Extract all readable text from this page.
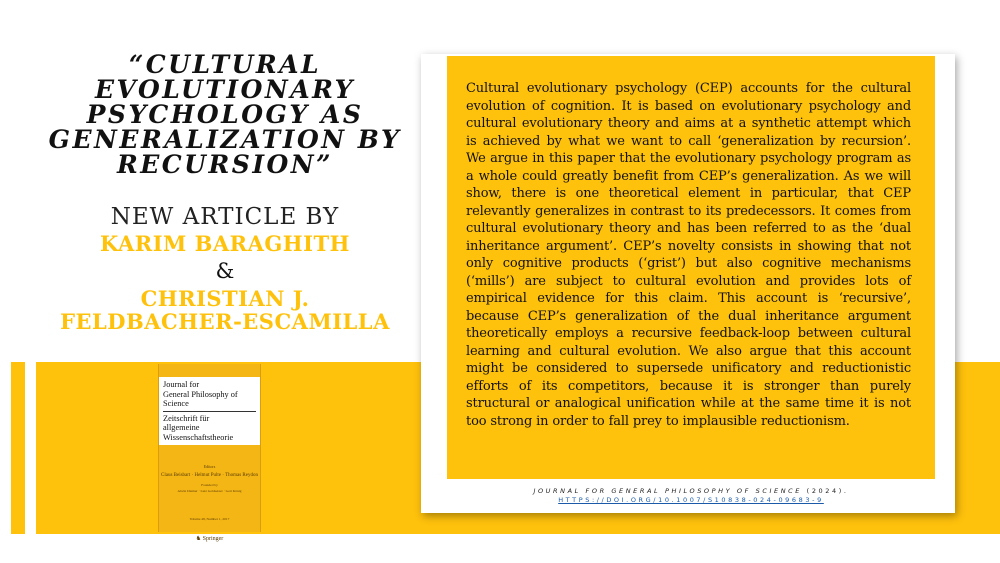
“CULTURAL
EVOLUTIONARY
PSYCHOLOGY AS
GENERALIZATION BY
RECURSION”
NEW ARTICLE BY
KARIM BARAGHITH
&
CHRISTIAN J.
FELDBACHER-ESCAMILLA
Journal for
General Philosophy of Science
Zeitschrift für
allgemeine Wissenschaftstheorie
Editors
Claus Beisbart · Helmut Pulte · Thomas Reydon
Founded by
Alwin Diemer · Lutz Geldsetzer · Gert König
Volume 48, Number 1, 2017
♞ Springer
Cultural evolutionary psychology (CEP) accounts for the cultural evolution of cognition. It is based on evolutionary psychology and cultural evolutionary theory and aims at a synthetic attempt which is achieved by what we want to call ‘generalization by recursion’. We argue in this paper that the evolutionary psychology program as a whole could greatly benefit from CEP’s generalization. As we will show, there is one theoretical element in particular, that CEP relevantly generalizes in contrast to its predecessors. It comes from cultural evolutionary theory and has been referred to as the ‘dual inheritance argument’. CEP’s novelty consists in showing that not only cognitive products (‘grist’) but also cognitive mechanisms (‘mills’) are subject to cultural evolution and provides lots of empirical evidence for this claim. This account is ‘recursive’, because CEP’s generalization of the dual inheritance argument theoretically employs a recursive feedback-loop between cultural learning and cultural evolution. We also argue that this account might be considered to supersede unificatory and reductionistic efforts of its competitors, because it is stronger than purely structural or analogical unification while at the same time it is not too strong in order to fall prey to implausible reductionism.
JOURNAL FOR GENERAL PHILOSOPHY OF SCIENCE (2024).
HTTPS://DOI.ORG/10.1007/S10838-024-09683-9
